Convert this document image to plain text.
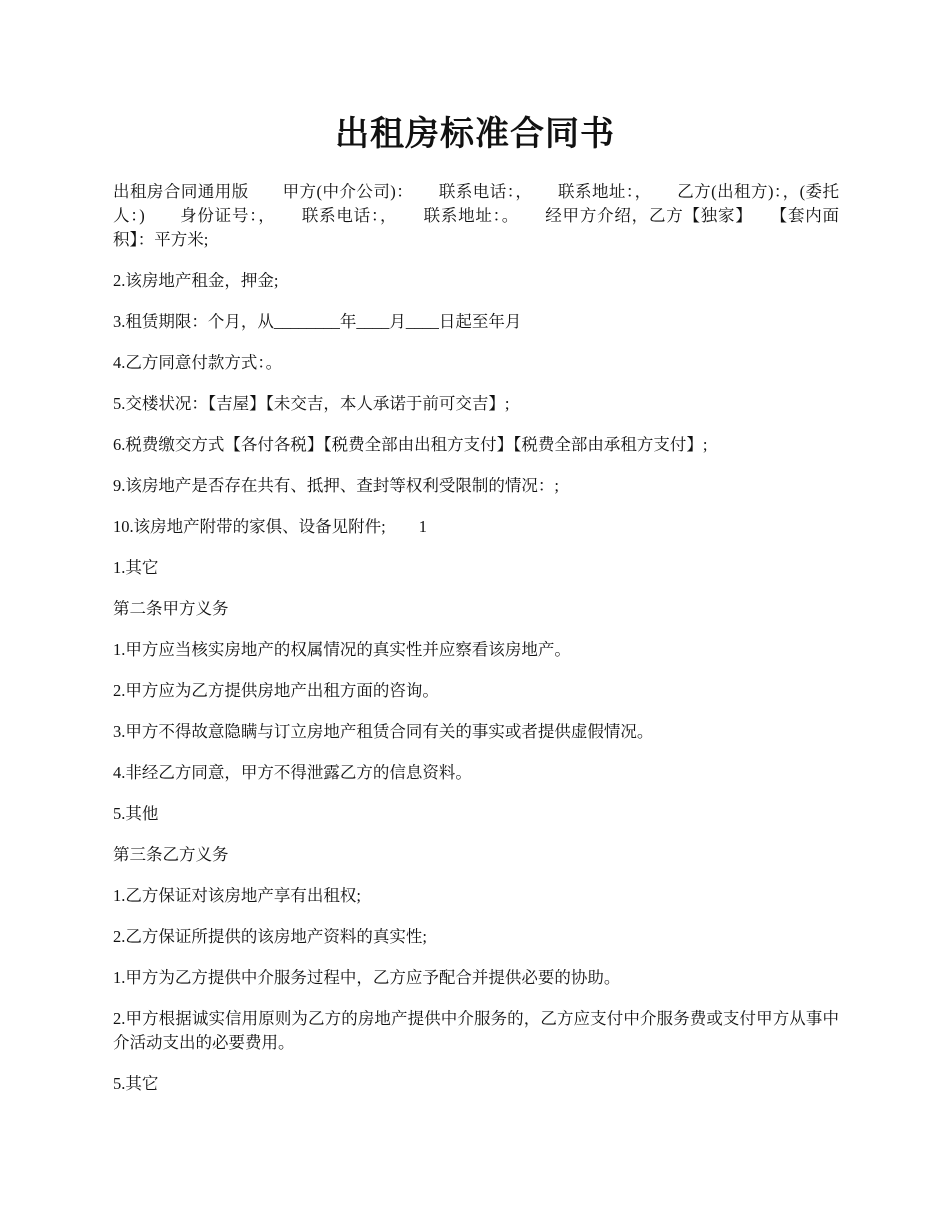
出租房标准合同书

出租房合同通用版　　甲方(中介公司)：　　联系电话：，　　联系地址：，　　乙方(出租方)：，(委托人：)　　身份证号：，　　联系电话：，　　联系地址：。　　经甲方介绍，乙方【独家】　　【套内面积】：平方米;

2.该房地产租金，押金;

3.租赁期限：个月，从________年____月____日起至年月

4.乙方同意付款方式：。

5.交楼状况：【吉屋】【未交吉，本人承诺于前可交吉】;

6.税费缴交方式【各付各税】【税费全部由出租方支付】【税费全部由承租方支付】;

9.该房地产是否存在共有、抵押、查封等权利受限制的情况：;

10.该房地产附带的家俱、设备见附件;　　1

1.其它

第二条甲方义务

1.甲方应当核实房地产的权属情况的真实性并应察看该房地产。

2.甲方应为乙方提供房地产出租方面的咨询。

3.甲方不得故意隐瞒与订立房地产租赁合同有关的事实或者提供虚假情况。

4.非经乙方同意，甲方不得泄露乙方的信息资料。

5.其他

第三条乙方义务

1.乙方保证对该房地产享有出租权;

2.乙方保证所提供的该房地产资料的真实性;

1.甲方为乙方提供中介服务过程中，乙方应予配合并提供必要的协助。

2.甲方根据诚实信用原则为乙方的房地产提供中介服务的，乙方应支付中介服务费或支付甲方从事中介活动支出的必要费用。

5.其它
